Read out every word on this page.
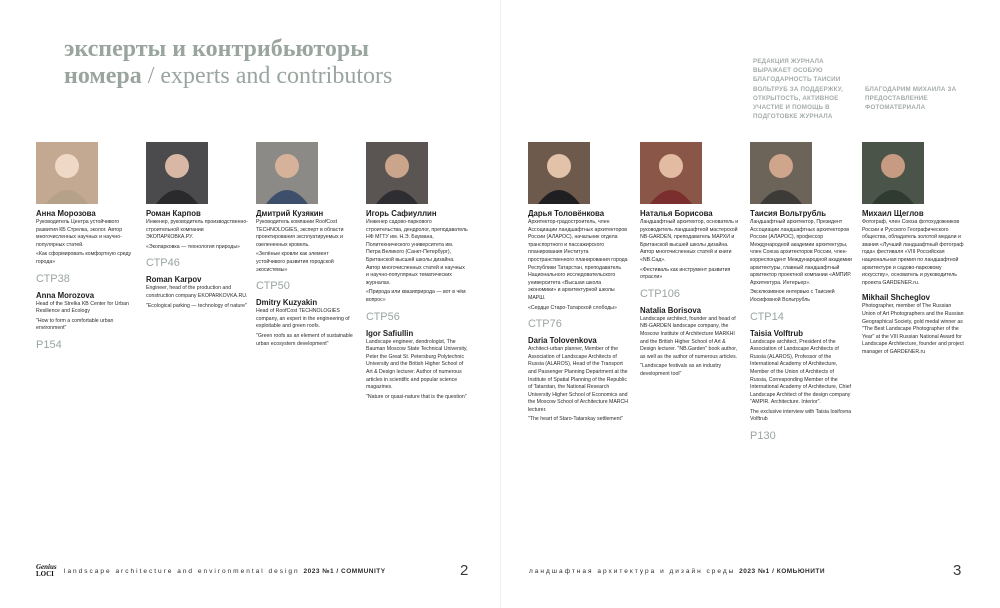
эксперты и контрибьюторы
номера / experts and contributors
Genius
LOCI	landscape architecture and environmental design 2023 №1 / COMMUNITY	2
РЕДАКЦИЯ ЖУРНАЛА ВЫРАЖАЕТ ОСОБУЮ БЛАГОДАРНОСТЬ ТАИСИИ ВОЛЬТРУБ ЗА ПОДДЕРЖКУ, ОТКРЫТОСТЬ, АКТИВНОЕ УЧАСТИЕ И ПОМОЩЬ В ПОДГОТОВКЕ ЖУРНАЛА
БЛАГОДАРИМ МИХАИЛА ЗА ПРЕДОСТАВЛЕНИЕ ФОТОМАТЕРИАЛА
ландшафтная архитектура и дизайн среды 2023 №1 / КОМЬЮНИТИ	3
Анна Морозова
Руководитель Центра устойчивого развития КБ Стрелка, эколог. Автор многочисленных научных и научно-популярных статей.
«Как сформировать комфортную среду города»
СТР38
Anna Morozova
Head of the Strelka KB Center for Urban Resilience and Ecology
"How to form a comfortable urban environment"
P154
Роман Карпов
Инженер, руководитель производственно-строительной компании ЭКОПАРКОВКА.РУ.
«Экопарковка — технология природы»
СТР46
Roman Karpov
Engineer, head of the production and construction company EKOPARKOVKA.RU.
"Ecological parking — technology of nature"
Дмитрий Кузякин
Руководитель компании RoofCost TECHNOLOGIES, эксперт в области проектирования эксплуатируемых и озелененных кровель.
«Зелёные кровли как элемент устойчивого развития городской экосистемы»
СТР50
Dmitry Kuzyakin
Head of RoofCost TECHNOLOGIES company, an expert in the engineering of exploitable and green roofs.
"Green roofs as an element of sustainable urban ecosystem development"
Игорь Сафиуллин
Инженер садово-паркового строительства, дендролог, преподаватель НФ МГТУ им. Н.Э. Баумана, Политехнического университета им. Петра Великого (Санкт-Петербург), Британской высшей школы дизайна. Автор многочисленных статей и научных и научно-популярных тематических журналах.
«Природа или квазиприрода — вот в чём вопрос»
СТР56
Igor Safiullin
Landscape engineer, dendrologist, The Bauman Moscow State Technical University, Peter the Great St. Petersburg Polytechnic University and the British Higher School of Art & Design lecturer. Author of numerous articles in scientific and popular science magazines.
"Nature or quasi-nature that is the question"
Дарья Толовёнкова
Архитектор-градостроитель, член Ассоциации ландшафтных архитекторов России (АЛАРОС), начальник отдела транспортного и пассажирского планирования Института пространственного планирования города Республики Татарстан, преподаватель Национального исследовательского университета «Высшая школа экономики» и архитектурной школы МАРШ.
«Сердце Старо-Татарской слободы»
СТР76
Daria Tolovenkova
Architect-urban planner, Member of the Association of Landscape Architects of Russia (ALAROS), Head of the Transport and Passenger Planning Department at the Institute of Spatial Planning of the Republic of Tatarstan, the National Research University Higher School of Economics and the Moscow School of Architecture MARCH lecturer.
"The heart of Staro-Tatarskay settlement"
Наталья Борисова
Ландшафтный архитектор, основатель и руководитель ландшафтной мастерской NB-GARDEN, преподаватель МАРХИ и Британской высшей школы дизайна. Автор многочисленных статей и книги «NB.Сад».
«Фестиваль как инструмент развития отрасли»
СТР106
Natalia Borisova
Landscape architect, founder and head of NB-GARDEN landscape company, the Moscow Institute of Architecture MARKHI and the British Higher School of Art & Design lecturer. "NB.Garden" book author, as well as the author of numerous articles.
"Landscape festivals as an industry development tool"
Таисия Вольтрубль
Ландшафтный архитектор, Президент Ассоциации ландшафтных архитекторов России (АЛАРОС), профессор Международной академии архитектуры, член Союза архитекторов России, член-корреспондент Международной академии архитектуры, главный ландшафтный архитектор проектной компании «АМПИР. Архитектура. Интерьер».
Эксклюзивное интервью с Таисией Иосифовной Вольтрубль
СТР14
Taisia Volftrub
Landscape architect, President of the Association of Landscape Architects of Russia (ALAROS), Professor of the International Academy of Architecture, Member of the Union of Architects of Russia, Corresponding Member of the International Academy of Architecture, Chief Landscape Architect of the design company "AMPIR. Architecture. Interior".
The exclusive interview with Taisia Iosifovna Volftrub
P130
Михаил Щеглов
Фотограф, член Союза фотохудожников России и Русского Географического общества, обладатель золотой медали и звания «Лучший ландшафтный фотограф года» фестиваля «VIII Российская национальная премия по ландшафтной архитектуре и садово-парковому искусству», основатель и руководитель проекта GARDENER.ru.
Mikhail Shcheglov
Photographer, member of The Russian Union of Art Photographers and the Russian Geographical Society, gold medal winner as "The Best Landscape Photographer of the Year" at the VIII Russian National Award for Landscape Architecture, founder and project manager of GARDENER.ru
